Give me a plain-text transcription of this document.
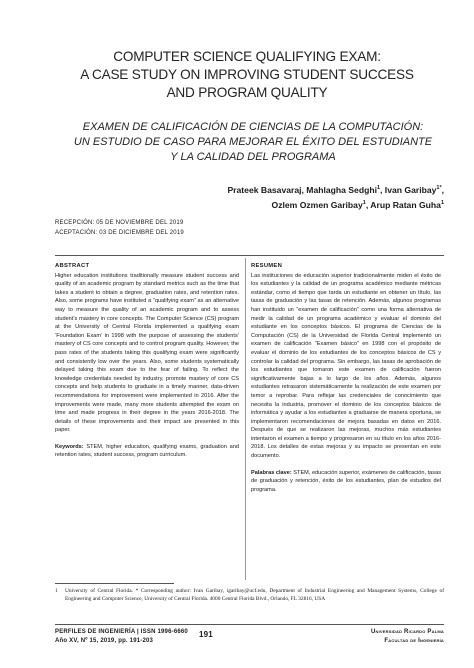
COMPUTER SCIENCE QUALIFYING EXAM:
A CASE STUDY ON IMPROVING STUDENT SUCCESS
AND PROGRAM QUALITY
EXAMEN DE CALIFICACIÓN DE CIENCIAS DE LA COMPUTACIÓN:
UN ESTUDIO DE CASO PARA MEJORAR EL ÉXITO DEL ESTUDIANTE
Y LA CALIDAD DEL PROGRAMA
Prateek Basavaraj, Mahlagha Sedghi$^1$, Ivan Garibay$^{1*}$,
Ozlem Ozmen Garibay$^1$, Arup Ratan Guha$^1$
RECEPCIÓN: 05 DE NOVIEMBRE DEL 2019
ACEPTACIÓN: 03 DE DICIEMBRE DEL 2019
ABSTRACT

Higher education institutions traditionally measure student success and quality of an academic program by standard metrics such as the time that takes a student to obtain a degree, graduation rates, and retention rates. Also, some programs have instituted a “qualifying exam” as an alternative way to measure the quality of an academic program and to assess student’s mastery in core concepts. The Computer Science (CS) program at the University of Central Florida implemented a qualifying exam ‘Foundation Exam’ in 1998 with the purpose of assessing the students’ mastery of CS core concepts and to control program quality. However, the pass rates of the students taking this qualifying exam were significantly and consistently low over the years. Also, some students systematically delayed taking this exam due to the fear of failing. To reflect the knowledge credentials needed by industry, promote mastery of core CS concepts and help students to graduate in a timely manner, data-driven recommendations for improvement were implemented in 2016. After the improvements were made, many more students attempted the exam on time and made progress in their degree in the years 2016-2018. The details of these improvements and their impact are presented in this paper.

Keywords: STEM, higher education, qualifying exams, graduation and retention rates, student success, program curriculum.

RESUMEN

Las instituciones de educación superior tradicionalmente miden el éxito de los estudiantes y la calidad de un programa académico mediante métricas estándar, como el tiempo que tarda un estudiante en obtener un título, las tasas de graduación y las tasas de retención. Además, algunos programas han instituido un “examen de calificación” como una forma alternativa de medir la calidad de un programa académico y evaluar el dominio del estudiante en los conceptos básicos. El programa de Ciencias de la Computación (CS) de la Universidad de Florida Central implementó un examen de calificación “Examen básico” en 1998 con el propósito de evaluar el dominio de los estudiantes de los conceptos básicos de CS y controlar la calidad del programa. Sin embargo, las tasas de aprobación de los estudiantes que tomaron este examen de calificación fueron significativamente bajas a lo largo de los años. Además, algunos estudiantes retrasaron sistemáticamente la realización de este examen por temor a reprobar. Para reflejar las credenciales de conocimiento que necesita la industria, promover el dominio de los conceptos básicos de informática y ayudar a los estudiantes a graduarse de manera oportuna, se implementaron recomendaciones de mejora basadas en datos en 2016. Después de que se realizaron las mejoras, muchos más estudiantes intentaron el examen a tiempo y progresaron en su título en los años 2016-2018. Los detalles de estas mejoras y su impacto se presentan en este documento.

Palabras clave: STEM, educación superior, exámenes de calificación, tasas de graduación y retención, éxito de los estudiantes, plan de estudios del programa.

1 University of Central Florida. * Corresponding author: Ivan Garibay, igaribay@ucf.edu, Department of Industrial Engineering and Management Systems, College of Engineering and Computer Science, University of Central Florida. 4000 Central Florida Blvd., Orlando, FL 32816, USA
PERFILES DE INGENIERÍA | ISSN 1996-6660
Año XV, Nº 15, 2019, pp. 191-203
191	Universidad Ricardo Palma
Facultad de Ingeniería
